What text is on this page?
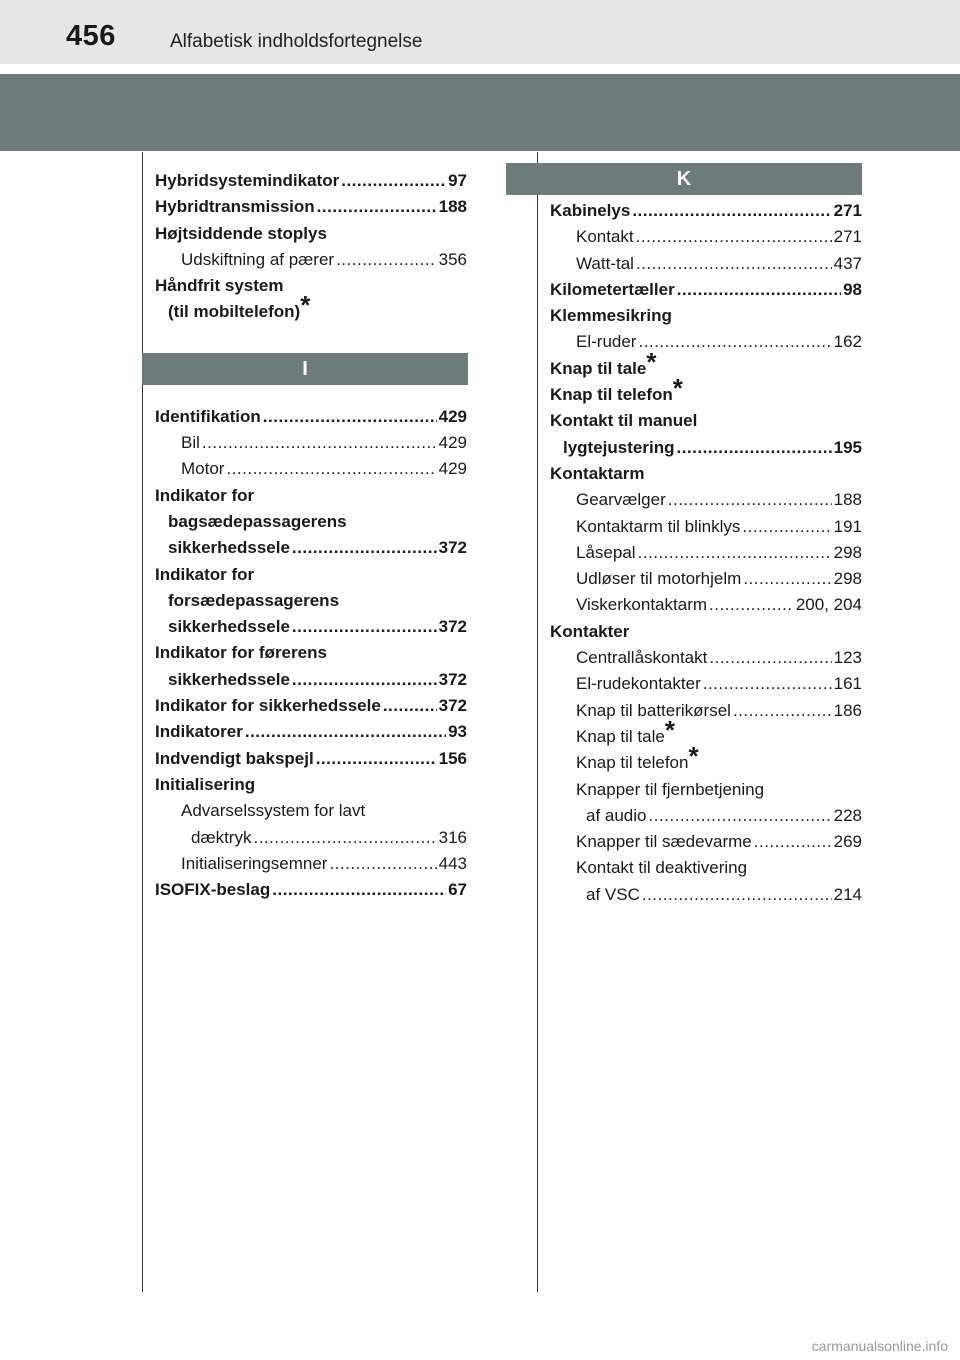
456	Alfabetisk indholdsfortegnelse
I
K
Hybridsystemindikator .....	97
Hybridtransmission .....	188
Højtsiddende stoplys
Udskiftning af pærer .....	356
Håndfrit system
(til mobiltelefon) *
Identifikation .....	429
Bil .....	429
Motor .....	429
Indikator for
bagsædepassagerens
sikkerhedssele .....	372
Indikator for
forsædepassagerens
sikkerhedssele .....	372
Indikator for førerens
sikkerhedssele .....	372
Indikator for sikkerhedssele .....	372
Indikatorer .....	93
Indvendigt bakspejl .....	156
Initialisering
Advarselssystem for lavt
dæktryk .....	316
Initialiseringsemner .....	443
ISOFIX-beslag .....	67
Kabinelys .....	271
Kontakt .....	271
Watt-tal .....	437
Kilometertæller .....	98
Klemmesikring
El-ruder .....	162
Knap til tale *
Knap til telefon *
Kontakt til manuel
lygtejustering .....	195
Kontaktarm
Gearvælger .....	188
Kontaktarm til blinklys .....	191
Låsepal .....	298
Udløser til motorhjelm .....	298
Viskerkontaktarm .....	200, 204
Kontakter
Centrallåskontakt .....	123
El-rudekontakter .....	161
Knap til batterikørsel .....	186
Knap til tale *
Knap til telefon *
Knapper til fjernbetjening
af audio .....	228
Knapper til sædevarme .....	269
Kontakt til deaktivering
af VSC .....	214
carmanualsonline.info
